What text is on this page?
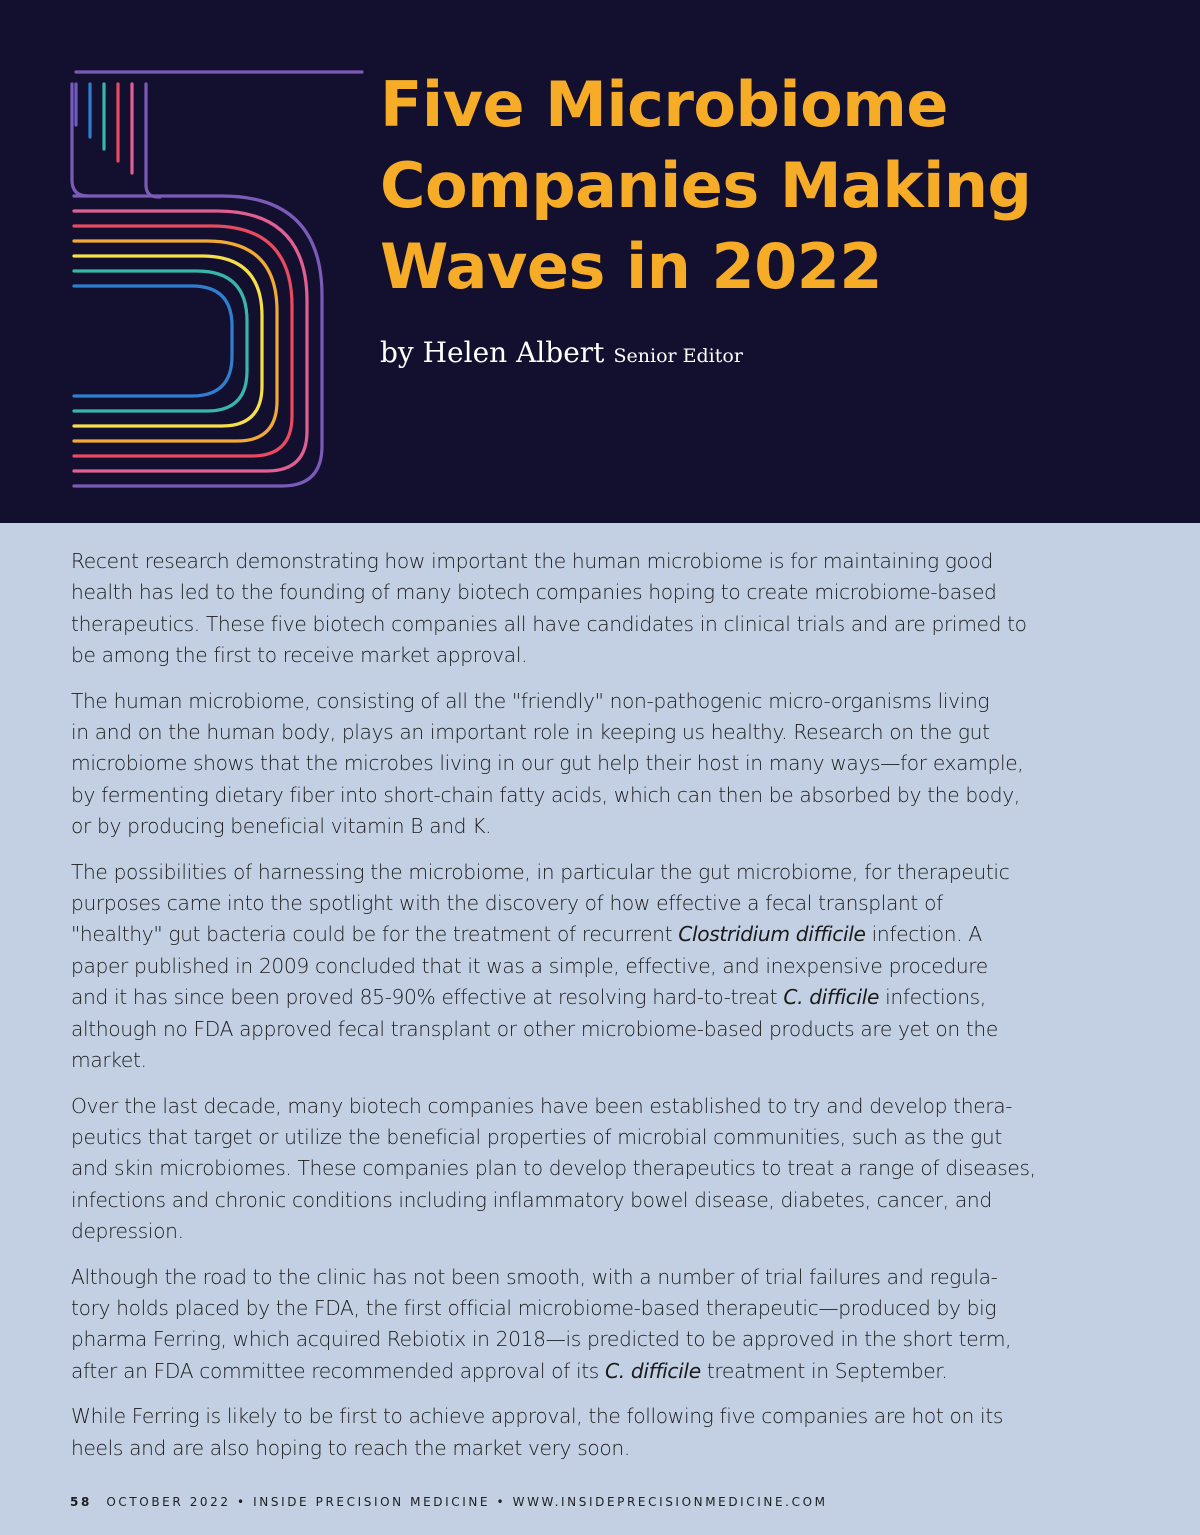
Five Microbiome
Companies Making
Waves in 2022
by Helen Albert Senior Editor

Recent research demonstrating how important the human microbiome is for maintaining good
health has led to the founding of many biotech companies hoping to create microbiome-based
therapeutics. These five biotech companies all have candidates in clinical trials and are primed to
be among the first to receive market approval.

The human microbiome, consisting of all the "friendly" non-pathogenic micro-organisms living
in and on the human body, plays an important role in keeping us healthy. Research on the gut
microbiome shows that the microbes living in our gut help their host in many ways—for example,
by fermenting dietary fiber into short-chain fatty acids, which can then be absorbed by the body,
or by producing beneficial vitamin B and K.

The possibilities of harnessing the microbiome, in particular the gut microbiome, for therapeutic
purposes came into the spotlight with the discovery of how effective a fecal transplant of
"healthy" gut bacteria could be for the treatment of recurrent Clostridium difficile infection. A
paper published in 2009 concluded that it was a simple, effective, and inexpensive procedure
and it has since been proved 85-90% effective at resolving hard-to-treat C. difficile infections,
although no FDA approved fecal transplant or other microbiome-based products are yet on the
market.

Over the last decade, many biotech companies have been established to try and develop thera-
peutics that target or utilize the beneficial properties of microbial communities, such as the gut
and skin microbiomes. These companies plan to develop therapeutics to treat a range of diseases,
infections and chronic conditions including inflammatory bowel disease, diabetes, cancer, and
depression.

Although the road to the clinic has not been smooth, with a number of trial failures and regula-
tory holds placed by the FDA, the first official microbiome-based therapeutic—produced by big
pharma Ferring, which acquired Rebiotix in 2018—is predicted to be approved in the short term,
after an FDA committee recommended approval of its C. difficile treatment in September.

While Ferring is likely to be first to achieve approval, the following five companies are hot on its
heels and are also hoping to reach the market very soon.

58 OCTOBER 2022 • INSIDE PRECISION MEDICINE • WWW.INSIDEPRECISIONMEDICINE.COM
